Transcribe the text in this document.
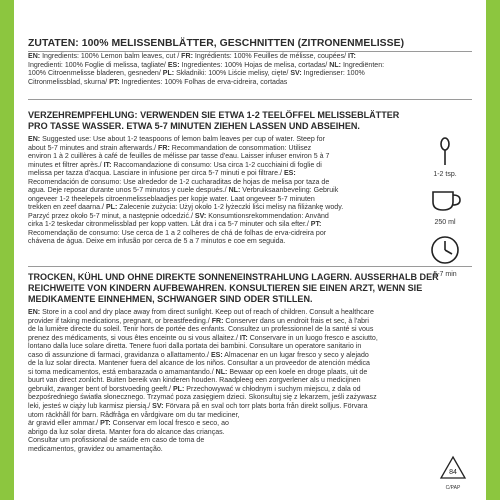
ZUTATEN: 100% MELISSENBLÄTTER, GESCHNITTEN (ZITRONENMELISSE)
EN: Ingredients: 100% Lemon balm leaves, cut / FR: Ingrédients: 100% Feuilles de mélisse, coupées/ IT:
Ingredienti: 100% Foglie di melissa, tagliate/ ES: Ingredientes: 100% Hojas de melisa, cortadas/ NL: Ingrediënten:
100% Citroenmelisse bladeren, gesneden/ PL: Składniki: 100% Liście melisy, cięte/ SV: Ingredienser: 100%
Citronmelissblad, skurna/ PT: Ingredientes: 100% Folhas de erva-cidreira, cortadas
VERZEHREMPFEHLUNG: VERWENDEN SIE ETWA 1-2 TEELÖFFEL MELISSEBLÄTTER
PRO TASSE WASSER. ETWA 5-7 MINUTEN ZIEHEN LASSEN UND ABSEIHEN.
EN: Suggested use: Use about 1-2 teaspoons of lemon balm leaves per cup of water. Steep for
about 5-7 minutes and strain afterwards./ FR: Recommandation de consommation: Utilisez
environ 1 à 2 cuillères à café de feuilles de mélisse par tasse d'eau. Laisser infuser environ 5 à 7
minutes et filtrer après./ IT: Raccomandazione di consumo: Usa circa 1-2 cucchiaini di foglie di
melissa per tazza d'acqua. Lasciare in infusione per circa 5-7 minuti e poi filtrare./ ES:
Recomendación de consumo: Use alrededor de 1-2 cucharaditas de hojas de melisa por taza de
agua. Deje reposar durante unos 5-7 minutos y cuele después./ NL: Verbruiksaanbeveling: Gebruik
ongeveer 1-2 theelepels citroenmelisseblaadjes per kopje water. Laat ongeveer 5-7 minuten
trekken en zeef daarna./ PL: Zalecenie zużycia: Użyj około 1-2 łyżeczki liści melisy na filiżankę wody.
Parzyć przez około 5-7 minut, a następnie odcedzić./ SV: Konsumtionsrekommendation: Använd
cirka 1-2 teskedar citronmelissblad per kopp vatten. Låt dra i ca 5-7 minuter och sila efter./ PT:
Recomendação de consumo: Use cerca de 1 a 2 colheres de chá de folhas de erva-cidreira por
chávena de água. Deixe em infusão por cerca de 5 a 7 minutos e coe em seguida.
1-2 tsp.
250 ml
5-7 min
TROCKEN, KÜHL UND OHNE DIREKTE SONNENEINSTRAHLUNG LAGERN. AUSSERHALB DER
REICHWEITE VON KINDERN AUFBEWAHREN. KONSULTIEREN SIE EINEN ARZT, WENN SIE
MEDIKAMENTE EINNEHMEN, SCHWANGER SIND ODER STILLEN.
EN: Store in a cool and dry place away from direct sunlight. Keep out of reach of children. Consult a healthcare
provider if taking medications, pregnant, or breastfeeding./ FR: Conserver dans un endroit frais et sec, à l'abri
de la lumière directe du soleil. Tenir hors de portée des enfants. Consultez un professionnel de la santé si vous
prenez des médicaments, si vous êtes enceinte ou si vous allaitez./ IT: Conservare in un luogo fresco e asciutto,
lontano dalla luce solare diretta. Tenere fuori dalla portata dei bambini. Consultare un operatore sanitario in
caso di assunzione di farmaci, gravidanza o allattamento./ ES: Almacenar en un lugar fresco y seco y alejado
de la luz solar directa. Mantener fuera del alcance de los niños. Consultar a un proveedor de atención médica
si toma medicamentos, está embarazada o amamantando./ NL: Bewaar op een koele en droge plaats, uit de
buurt van direct zonlicht. Buiten bereik van kinderen houden. Raadpleeg een zorgverlener als u medicijnen
gebruikt, zwanger bent of borstvoeding geeft./ PL: Przechowywać w chłodnym i suchym miejscu, z dala od
bezpośredniego światła słonecznego. Trzymać poza zasięgiem dzieci. Skonsultuj się z lekarzem, jeśli zażywasz
leki, jesteś w ciąży lub karmisz piersią./ SV: Förvara på en sval och torr plats borta från direkt solljus. Förvara
utom räckhåll för barn. Rådfråga en vårdgivare om du tar mediciner,
är gravid eller ammar./ PT: Conservar em local fresco e seco, ao
abrigo da luz solar direta. Manter fora do alcance das crianças.
Consultar um profissional de saúde em caso de toma de
medicamentos, gravidez ou amamentação.
84
C/PAP
